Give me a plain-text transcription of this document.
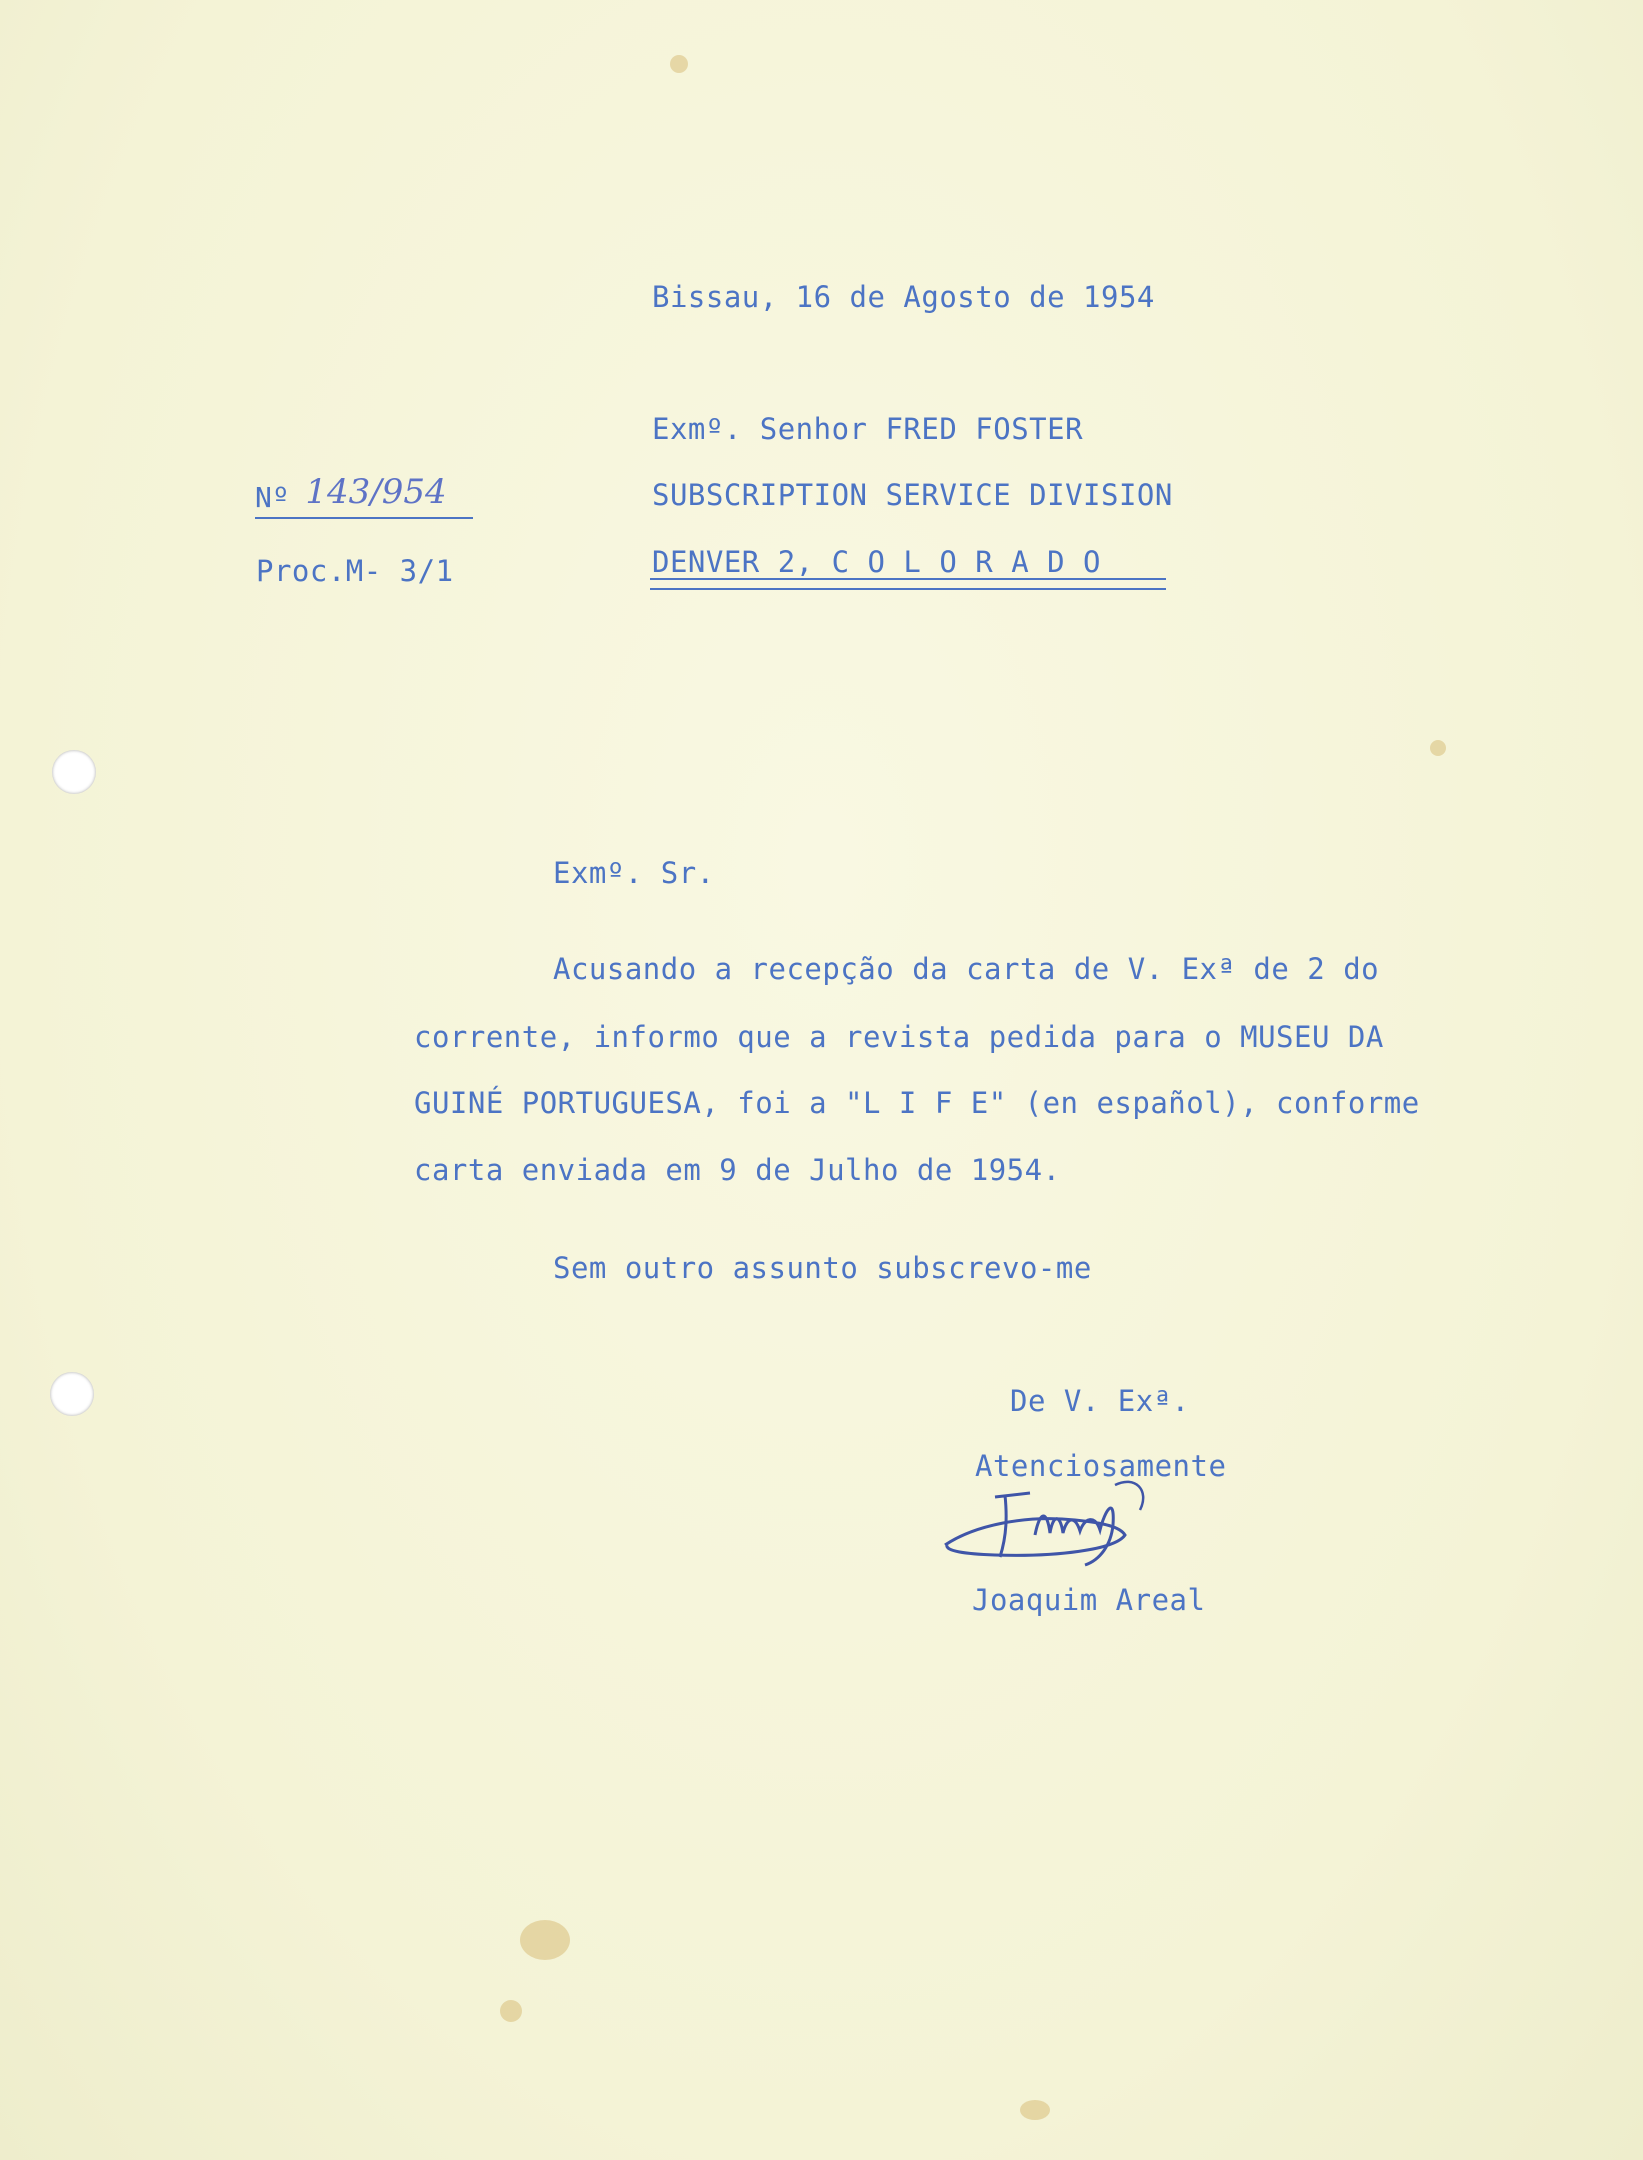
Bissau, 16 de Agosto de 1954
Exmº. Senhor FRED FOSTER
SUBSCRIPTION SERVICE DIVISION
DENVER 2, C O L O R A D O
Nº 143/954
Proc.M- 3/1
Exmº. Sr.
Acusando a recepção da carta de V. Exª de 2 do
corrente, informo que a revista pedida para o MUSEU DA
GUINÉ PORTUGUESA, foi a "L I F E" (en español), conforme
carta enviada em 9 de Julho de 1954.
Sem outro assunto subscrevo-me
De V. Exª.
Atenciosamente
Joaquim Areal
